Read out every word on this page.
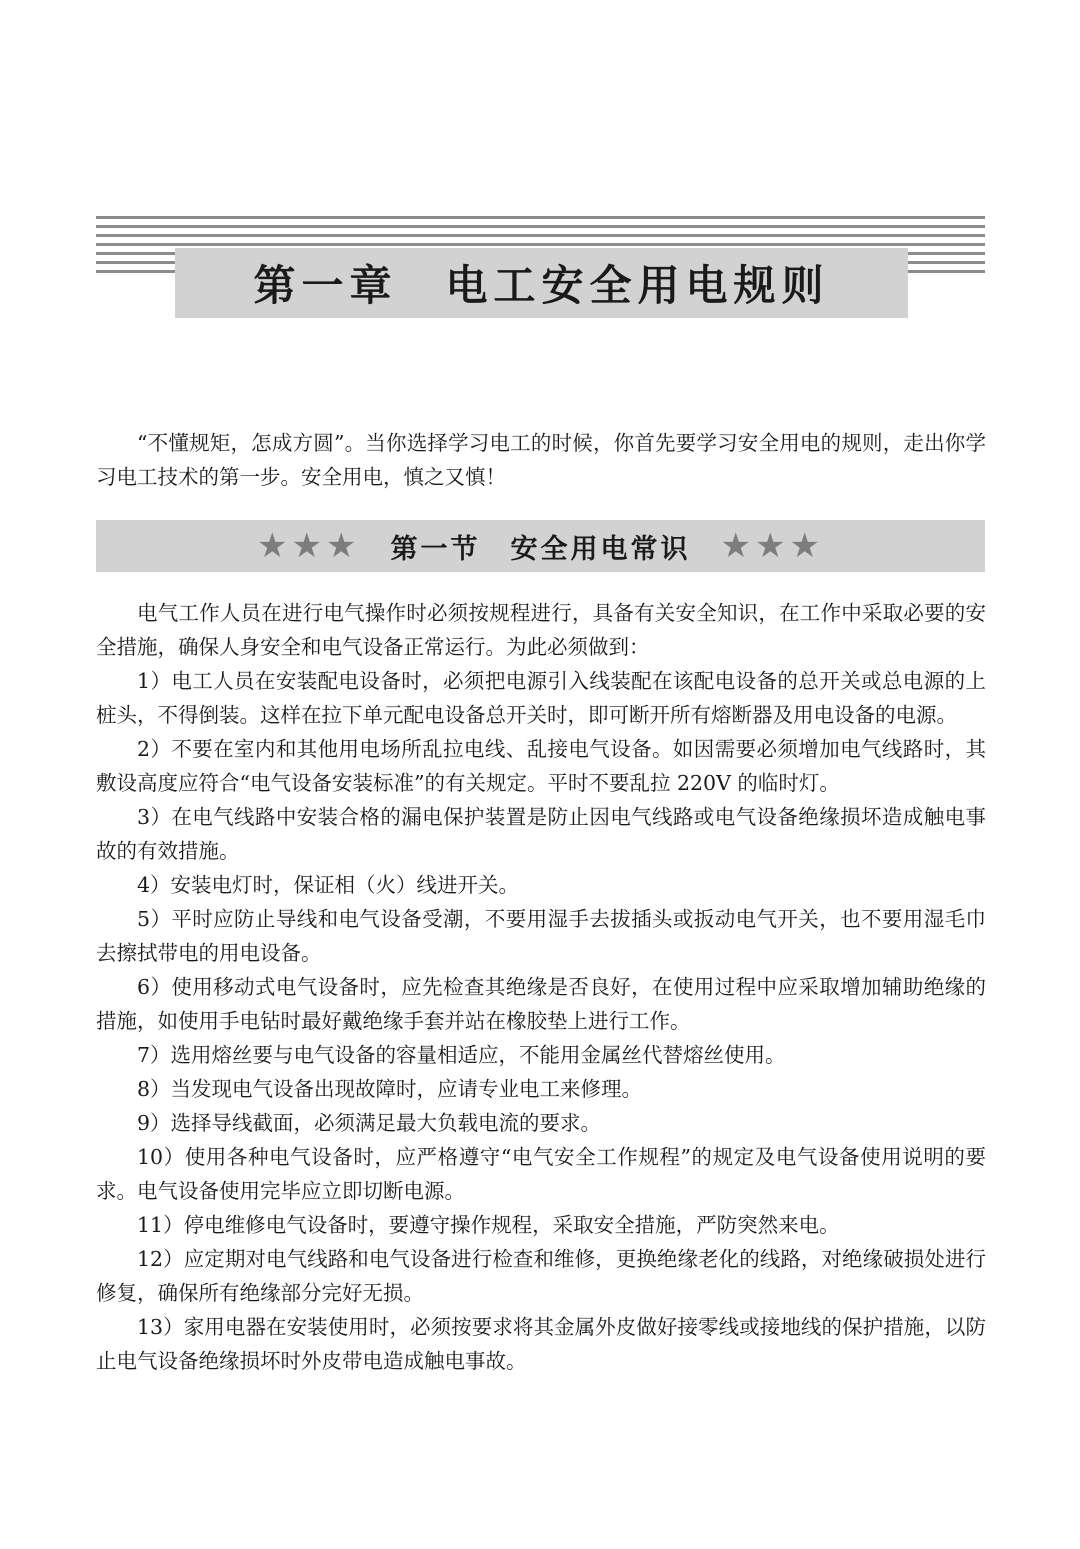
第一章　电工安全用电规则

“不懂规矩，怎成方圆”。当你选择学习电工的时候，你首先要学习安全用电的规则，走出你学习电工技术的第一步。安全用电，慎之又慎！

★★★ 第一节　安全用电常识 ★★★

电气工作人员在进行电气操作时必须按规程进行，具备有关安全知识，在工作中采取必要的安全措施，确保人身安全和电气设备正常运行。为此必须做到：

1）电工人员在安装配电设备时，必须把电源引入线装配在该配电设备的总开关或总电源的上桩头，不得倒装。这样在拉下单元配电设备总开关时，即可断开所有熔断器及用电设备的电源。

2）不要在室内和其他用电场所乱拉电线、乱接电气设备。如因需要必须增加电气线路时，其敷设高度应符合“电气设备安装标准”的有关规定。平时不要乱拉 220V 的临时灯。

3）在电气线路中安装合格的漏电保护装置是防止因电气线路或电气设备绝缘损坏造成触电事故的有效措施。

4）安装电灯时，保证相（火）线进开关。

5）平时应防止导线和电气设备受潮，不要用湿手去拔插头或扳动电气开关，也不要用湿毛巾去擦拭带电的用电设备。

6）使用移动式电气设备时，应先检查其绝缘是否良好，在使用过程中应采取增加辅助绝缘的措施，如使用手电钻时最好戴绝缘手套并站在橡胶垫上进行工作。

7）选用熔丝要与电气设备的容量相适应，不能用金属丝代替熔丝使用。

8）当发现电气设备出现故障时，应请专业电工来修理。

9）选择导线截面，必须满足最大负载电流的要求。

10）使用各种电气设备时，应严格遵守“电气安全工作规程”的规定及电气设备使用说明的要求。电气设备使用完毕应立即切断电源。

11）停电维修电气设备时，要遵守操作规程，采取安全措施，严防突然来电。

12）应定期对电气线路和电气设备进行检查和维修，更换绝缘老化的线路，对绝缘破损处进行修复，确保所有绝缘部分完好无损。

13）家用电器在安装使用时，必须按要求将其金属外皮做好接零线或接地线的保护措施，以防止电气设备绝缘损坏时外皮带电造成触电事故。
